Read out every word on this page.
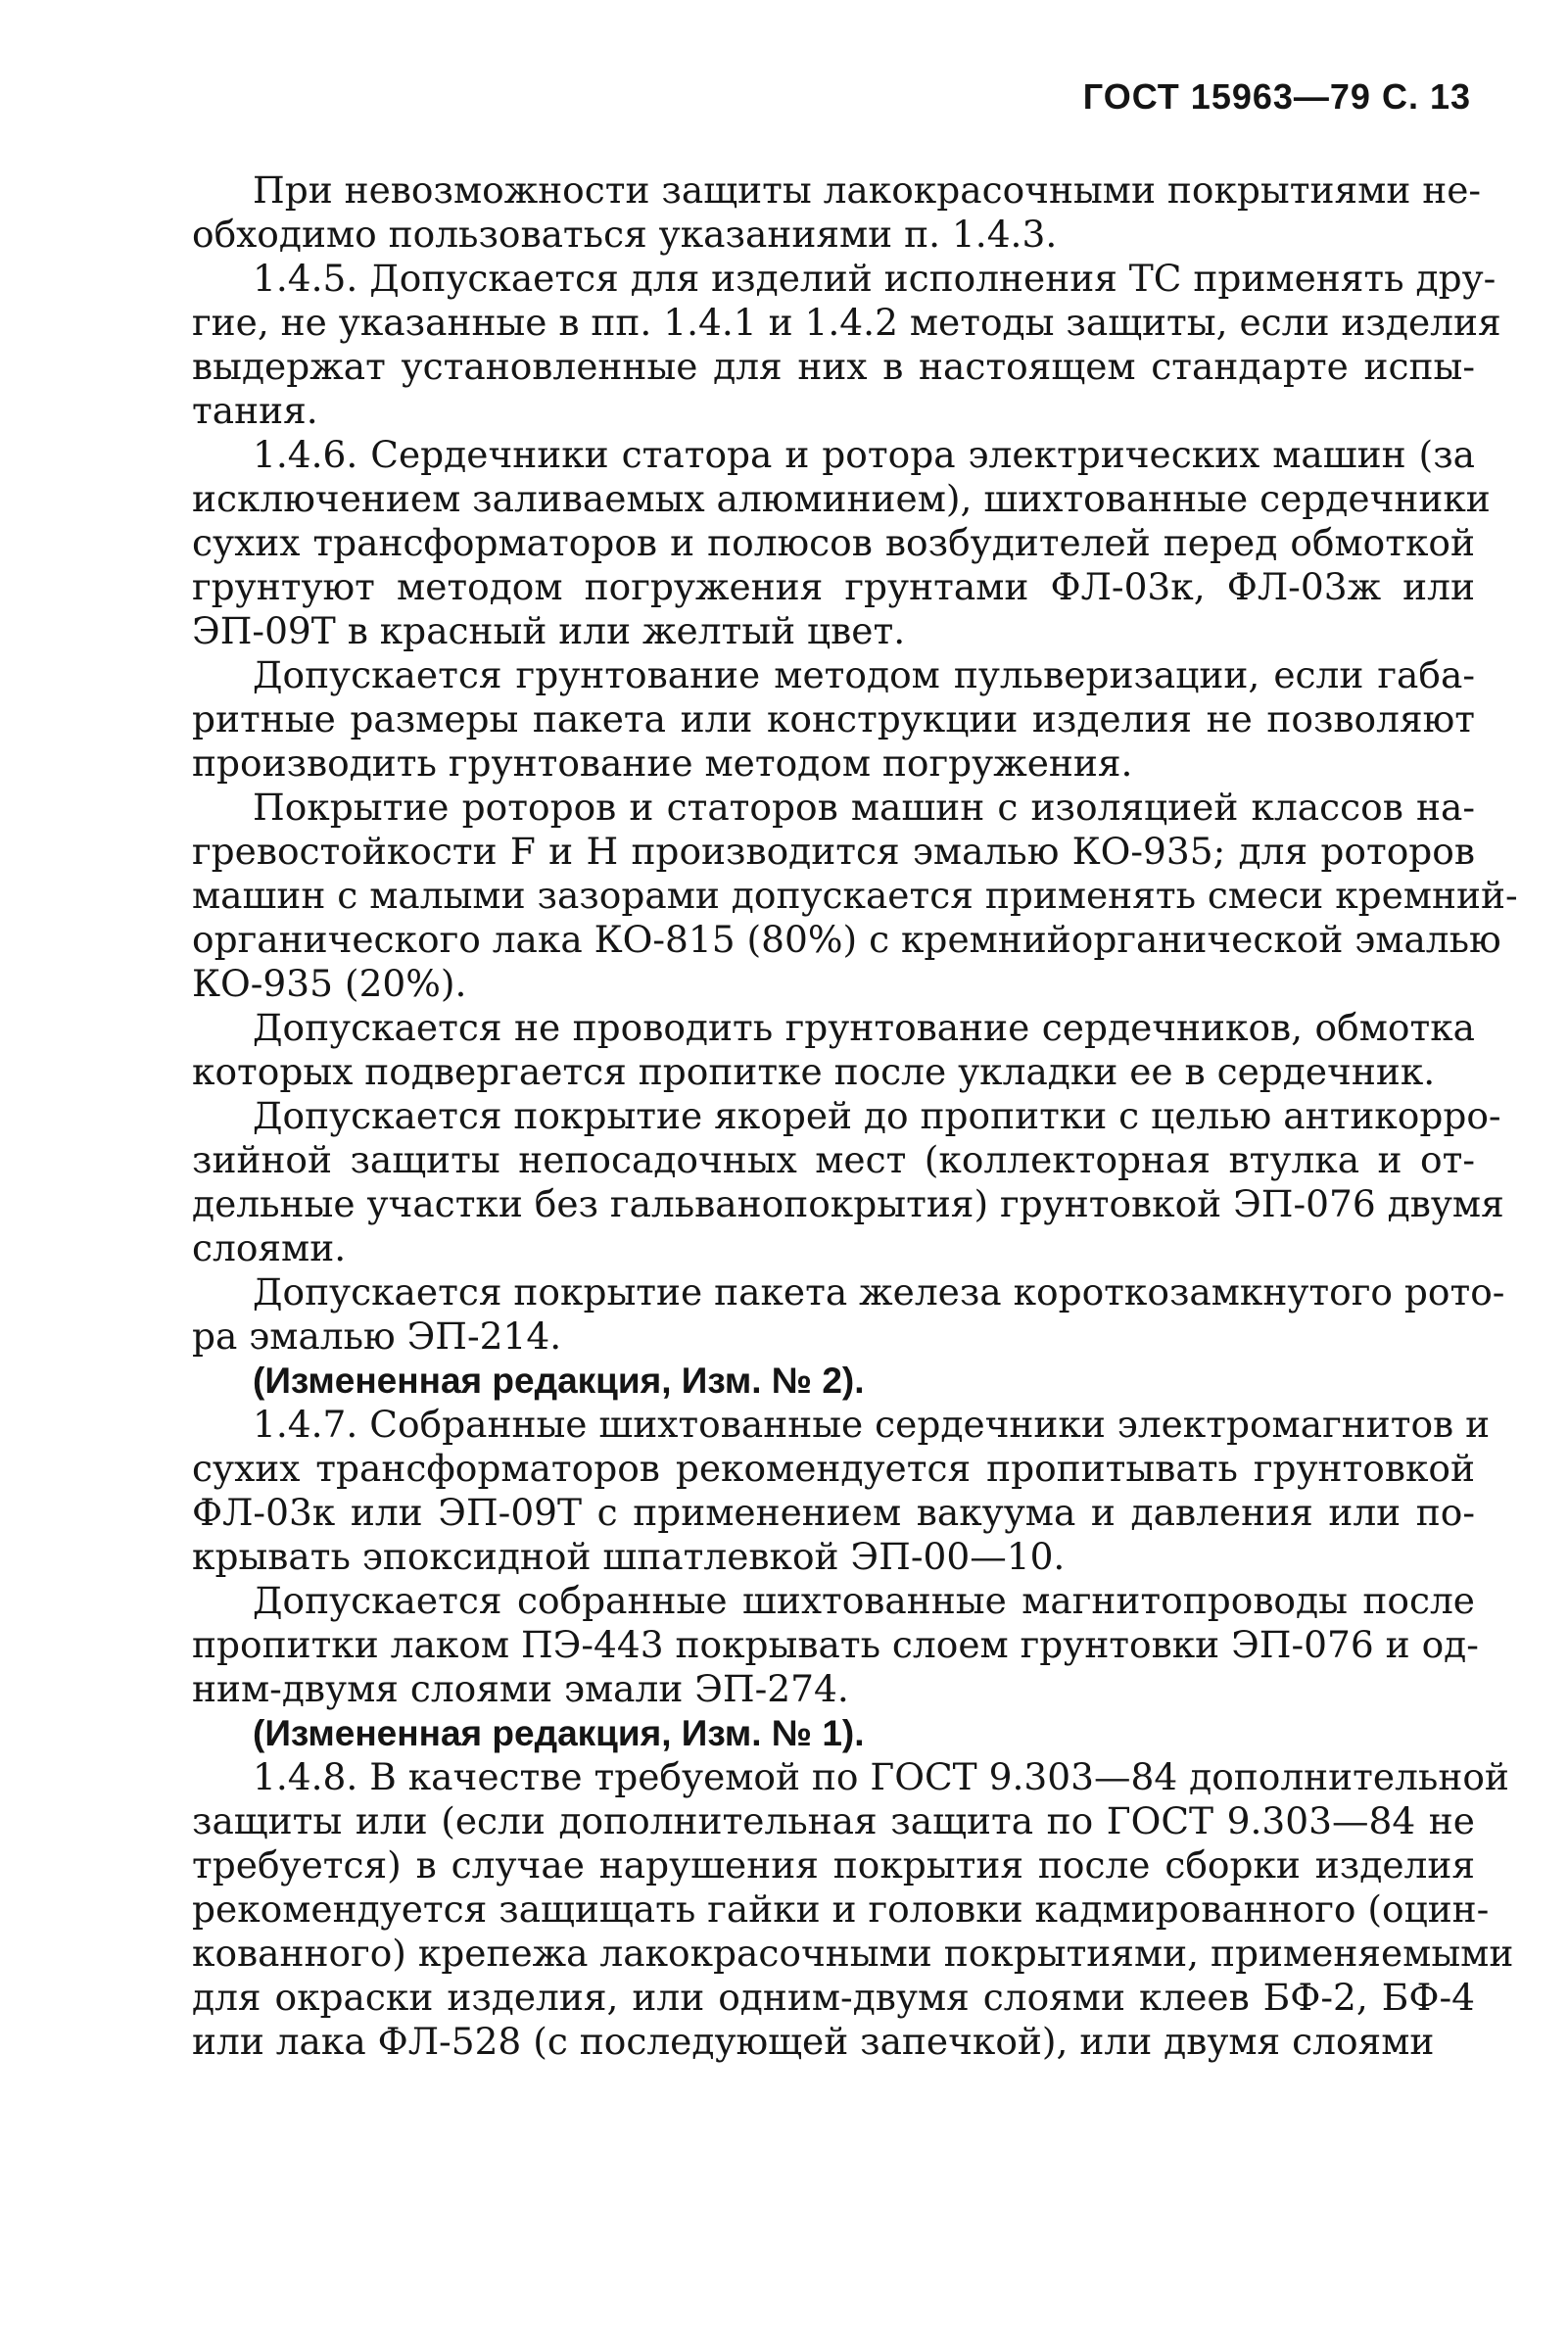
ГОСТ 15963—79 С. 13
При невозможности защиты лакокрасочными покрытиями не-
обходимо пользоваться указаниями п. 1.4.3.
1.4.5. Допускается для изделий исполнения ТС применять дру-
гие, не указанные в пп. 1.4.1 и 1.4.2 методы защиты, если изделия
выдержат установленные для них в настоящем стандарте испы-
тания.
1.4.6. Сердечники статора и ротора электрических машин (за
исключением заливаемых алюминием), шихтованные сердечники
сухих трансформаторов и полюсов возбудителей перед обмоткой
грунтуют методом погружения грунтами ФЛ-03к, ФЛ-03ж или
ЭП-09Т в красный или желтый цвет.
Допускается грунтование методом пульверизации, если габа-
ритные размеры пакета или конструкции изделия не позволяют
производить грунтование методом погружения.
Покрытие роторов и статоров машин с изоляцией классов на-
гревостойкости F и H производится эмалью КО-935; для роторов
машин с малыми зазорами допускается применять смеси кремний-
органического лака КО-815 (80%) с кремнийорганической эмалью
КО-935 (20%).
Допускается не проводить грунтование сердечников, обмотка
которых подвергается пропитке после укладки ее в сердечник.
Допускается покрытие якорей до пропитки с целью антикорро-
зийной защиты непосадочных мест (коллекторная втулка и от-
дельные участки без гальванопокрытия) грунтовкой ЭП-076 двумя
слоями.
Допускается покрытие пакета железа короткозамкнутого рото-
ра эмалью ЭП-214.
(Измененная редакция, Изм. № 2).
1.4.7. Собранные шихтованные сердечники электромагнитов и
сухих трансформаторов рекомендуется пропитывать грунтовкой
ФЛ-03к или ЭП-09Т с применением вакуума и давления или по-
крывать эпоксидной шпатлевкой ЭП-00—10.
Допускается собранные шихтованные магнитопроводы после
пропитки лаком ПЭ-443 покрывать слоем грунтовки ЭП-076 и од-
ним-двумя слоями эмали ЭП-274.
(Измененная редакция, Изм. № 1).
1.4.8. В качестве требуемой по ГОСТ 9.303—84 дополнительной
защиты или (если дополнительная защита по ГОСТ 9.303—84 не
требуется) в случае нарушения покрытия после сборки изделия
рекомендуется защищать гайки и головки кадмированного (оцин-
кованного) крепежа лакокрасочными покрытиями, применяемыми
для окраски изделия, или одним-двумя слоями клеев БФ-2, БФ-4
или лака ФЛ-528 (с последующей запечкой), или двумя слоями
